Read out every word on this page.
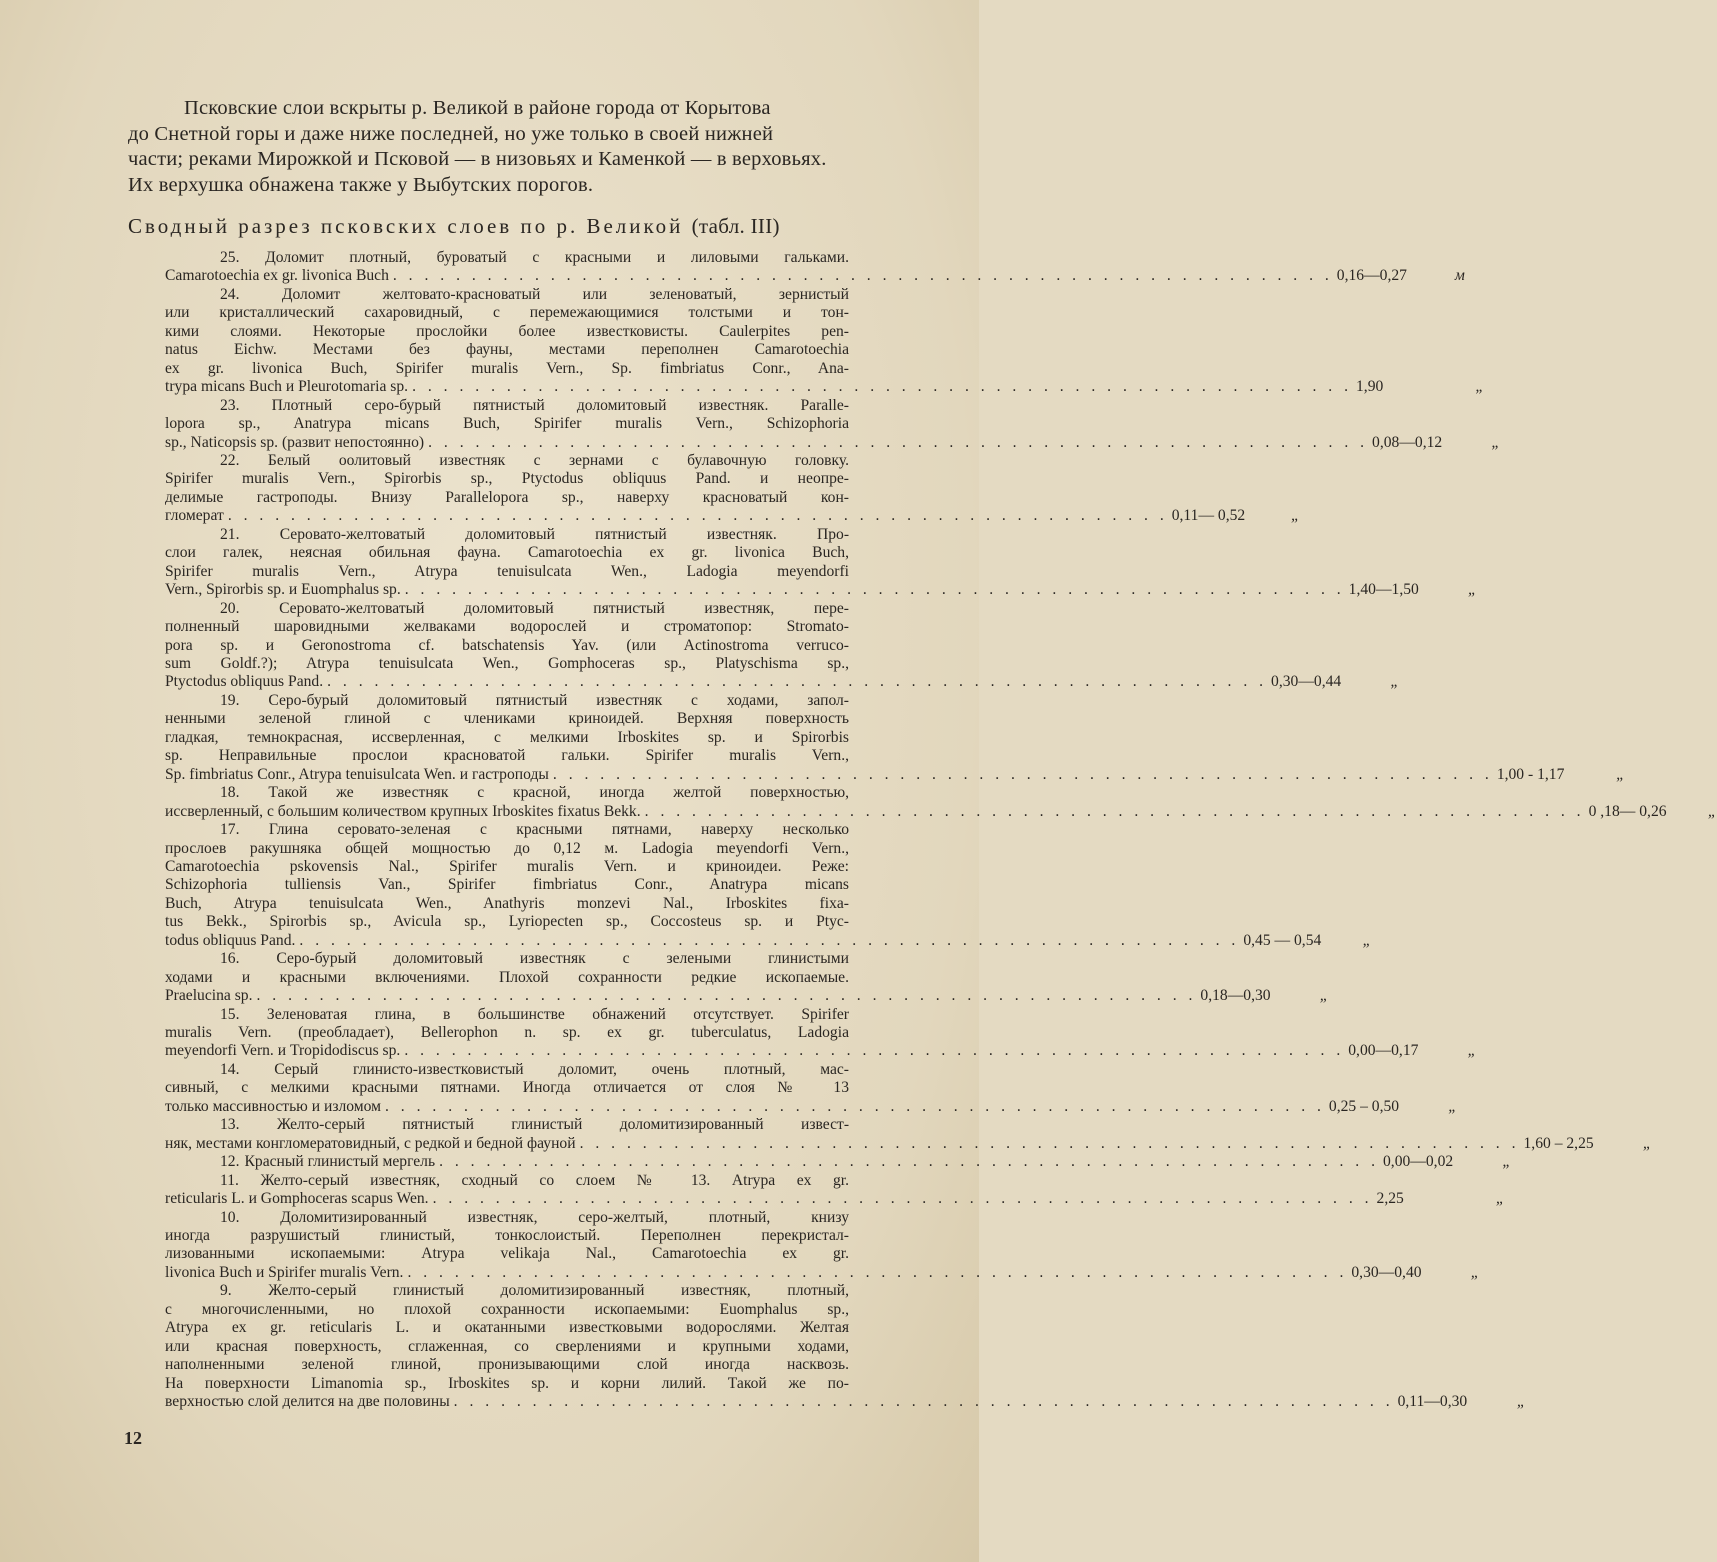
Псковские слои вскрыты р. Великой в районе города от Корытова
до Снетной горы и даже ниже последней, но уже только в своей нижней
части; реками Мирожкой и Псковой — в низовьях и Каменкой — в верховьях.
Их верхушка обнажена также у Выбутских порогов.
Сводный разрез псковских слоев по р. Великой (табл. III)
25. Доломит плотный, буроватый с красными и лиловыми гальками.
Camarotoechia ex gr. livonica Buch . . . . . . . . . . . . . . . . . . . . . . . . . . . . . . . . . . . . . . . . . . . . . . . . . . . . . . . . . . . . 0,16—0,27	м
24. Доломит желтовато-красноватый или зеленоватый, зернистый
или кристаллический сахаровидный, с перемежающимися толстыми и тон-
кими слоями. Некоторые прослойки более известковисты. Caulerpites pen-
natus Eichw. Местами без фауны, местами переполнен Camarotoechia
ex gr. livonica Buch, Spirifer muralis Vern., Sp. fimbriatus Conr., Ana-
trypa micans Buch и Pleurotomaria sp. . . . . . . . . . . . . . . . . . . . . . . . . . . . . . . . . . . . . . . . . . . . . . . . . . . . . . . . . . . . . 1,90	„
23. Плотный серо-бурый пятнистый доломитовый известняк. Paralle-
lopora sp., Anatrypa micans Buch, Spirifer muralis Vern., Schizophoria
sp., Naticopsis sp. (развит непостоянно) . . . . . . . . . . . . . . . . . . . . . . . . . . . . . . . . . . . . . . . . . . . . . . . . . . . . . . . . . . . . 0,08—0,12	„
22. Белый оолитовый известняк с зернами с булавочную головку.
Spirifer muralis Vern., Spirorbis sp., Ptyctodus obliquus Pand. и неопре-
делимые гастроподы. Внизу Parallelopora sp., наверху красноватый кон-
гломерат . . . . . . . . . . . . . . . . . . . . . . . . . . . . . . . . . . . . . . . . . . . . . . . . . . . . . . . . . . . . 0,11— 0,52	„
21. Серовато-желтоватый доломитовый пятнистый известняк. Про-
слои галек, неясная обильная фауна. Camarotoechia ex gr. livonica Buch,
Spirifer muralis Vern., Atrypa tenuisulcata Wen., Ladogia meyendorfi
Vern., Spirorbis sp. и Euomphalus sp. . . . . . . . . . . . . . . . . . . . . . . . . . . . . . . . . . . . . . . . . . . . . . . . . . . . . . . . . . . . . 1,40—1,50	„
20. Серовато-желтоватый доломитовый пятнистый известняк, пере-
полненный шаровидными желваками водорослей и строматопор: Stromato-
pora sp. и Geronostroma cf. batschatensis Yav. (или Actinostroma verruco-
sum Goldf.?); Atrypa tenuisulcata Wen., Gomphoceras sp., Platyschisma sp.,
Ptyctodus obliquus Pand. . . . . . . . . . . . . . . . . . . . . . . . . . . . . . . . . . . . . . . . . . . . . . . . . . . . . . . . . . . . . 0,30—0,44	„
19. Серо-бурый доломитовый пятнистый известняк с ходами, запол-
ненными зеленой глиной с члениками криноидей. Верхняя поверхность
гладкая, темнокрасная, иссверленная, с мелкими Irboskites sp. и Spirorbis
sp. Неправильные прослои красноватой гальки. Spirifer muralis Vern.,
Sp. fimbriatus Conr., Atrypa tenuisulcata Wen. и гастроподы . . . . . . . . . . . . . . . . . . . . . . . . . . . . . . . . . . . . . . . . . . . . . . . . . . . . . . . . . . . . 1,00 - 1,17	„
18. Такой же известняк с красной, иногда желтой поверхностью,
иссверленный, с большим количеством крупных Irboskites fixatus Bekk. . . . . . . . . . . . . . . . . . . . . . . . . . . . . . . . . . . . . . . . . . . . . . . . . . . . . . . . . . . . . 0 ,18— 0,26	„
17. Глина серовато-зеленая с красными пятнами, наверху несколько
прослоев ракушняка общей мощностью до 0,12 м. Ladogia meyendorfi Vern.,
Camarotoechia pskovensis Nal., Spirifer muralis Vern. и криноидеи. Реже:
Schizophoria tulliensis Van., Spirifer fimbriatus Conr., Anatrypa micans
Buch, Atrypa tenuisulcata Wen., Anathyris monzevi Nal., Irboskites fixa-
tus Bekk., Spirorbis sp., Avicula sp., Lyriopecten sp., Coccosteus sp. и Ptyc-
todus obliquus Pand. . . . . . . . . . . . . . . . . . . . . . . . . . . . . . . . . . . . . . . . . . . . . . . . . . . . . . . . . . . . . 0,45 — 0,54	„
16. Серо-бурый доломитовый известняк с зелеными глинистыми
ходами и красными включениями. Плохой сохранности редкие ископаемые.
Praelucina sp. . . . . . . . . . . . . . . . . . . . . . . . . . . . . . . . . . . . . . . . . . . . . . . . . . . . . . . . . . . . . 0,18—0,30	„
15. Зеленоватая глина, в большинстве обнажений отсутствует. Spirifer
muralis Vern. (преобладает), Bellerophon n. sp. ex gr. tuberculatus, Ladogia
meyendorfi Vern. и Tropidodiscus sp. . . . . . . . . . . . . . . . . . . . . . . . . . . . . . . . . . . . . . . . . . . . . . . . . . . . . . . . . . . . . 0,00—0,17	„
14. Серый глинисто-известковистый доломит, очень плотный, мас-
сивный, с мелкими красными пятнами. Иногда отличается от слоя № 13
только массивностью и изломом . . . . . . . . . . . . . . . . . . . . . . . . . . . . . . . . . . . . . . . . . . . . . . . . . . . . . . . . . . . . 0,25 – 0,50	„
13. Желто-серый пятнистый глинистый доломитизированный извест-
няк, местами конгломератовидный, с редкой и бедной фауной . . . . . . . . . . . . . . . . . . . . . . . . . . . . . . . . . . . . . . . . . . . . . . . . . . . . . . . . . . . . 1,60 – 2,25	„
12. Красный глинистый мергель . . . . . . . . . . . . . . . . . . . . . . . . . . . . . . . . . . . . . . . . . . . . . . . . . . . . . . . . . . . . 0,00—0,02	„
11. Желто-серый известняк, сходный со слоем № 13. Atrypa ex gr.
reticularis L. и Gomphoceras scapus Wen. . . . . . . . . . . . . . . . . . . . . . . . . . . . . . . . . . . . . . . . . . . . . . . . . . . . . . . . . . . . . 2,25	„
10. Доломитизированный известняк, серо-желтый, плотный, книзу
иногда разрушистый глинистый, тонкослоистый. Переполнен перекристал-
лизованными ископаемыми: Atrypa velikaja Nal., Camarotoechia ex gr.
livonica Buch и Spirifer muralis Vern. . . . . . . . . . . . . . . . . . . . . . . . . . . . . . . . . . . . . . . . . . . . . . . . . . . . . . . . . . . . . 0,30—0,40	„
9. Желто-серый глинистый доломитизированный известняк, плотный,
с многочисленными, но плохой сохранности ископаемыми: Euomphalus sp.,
Atrypa ex gr. reticularis L. и окатанными известковыми водорослями. Желтая
или красная поверхность, сглаженная, со сверлениями и крупными ходами,
наполненными зеленой глиной, пронизывающими слой иногда насквозь.
На поверхности Limanomia sp., Irboskites sp. и корни лилий. Такой же по-
верхностью слой делится на две половины . . . . . . . . . . . . . . . . . . . . . . . . . . . . . . . . . . . . . . . . . . . . . . . . . . . . . . . . . . . . 0,11—0,30	„
12
